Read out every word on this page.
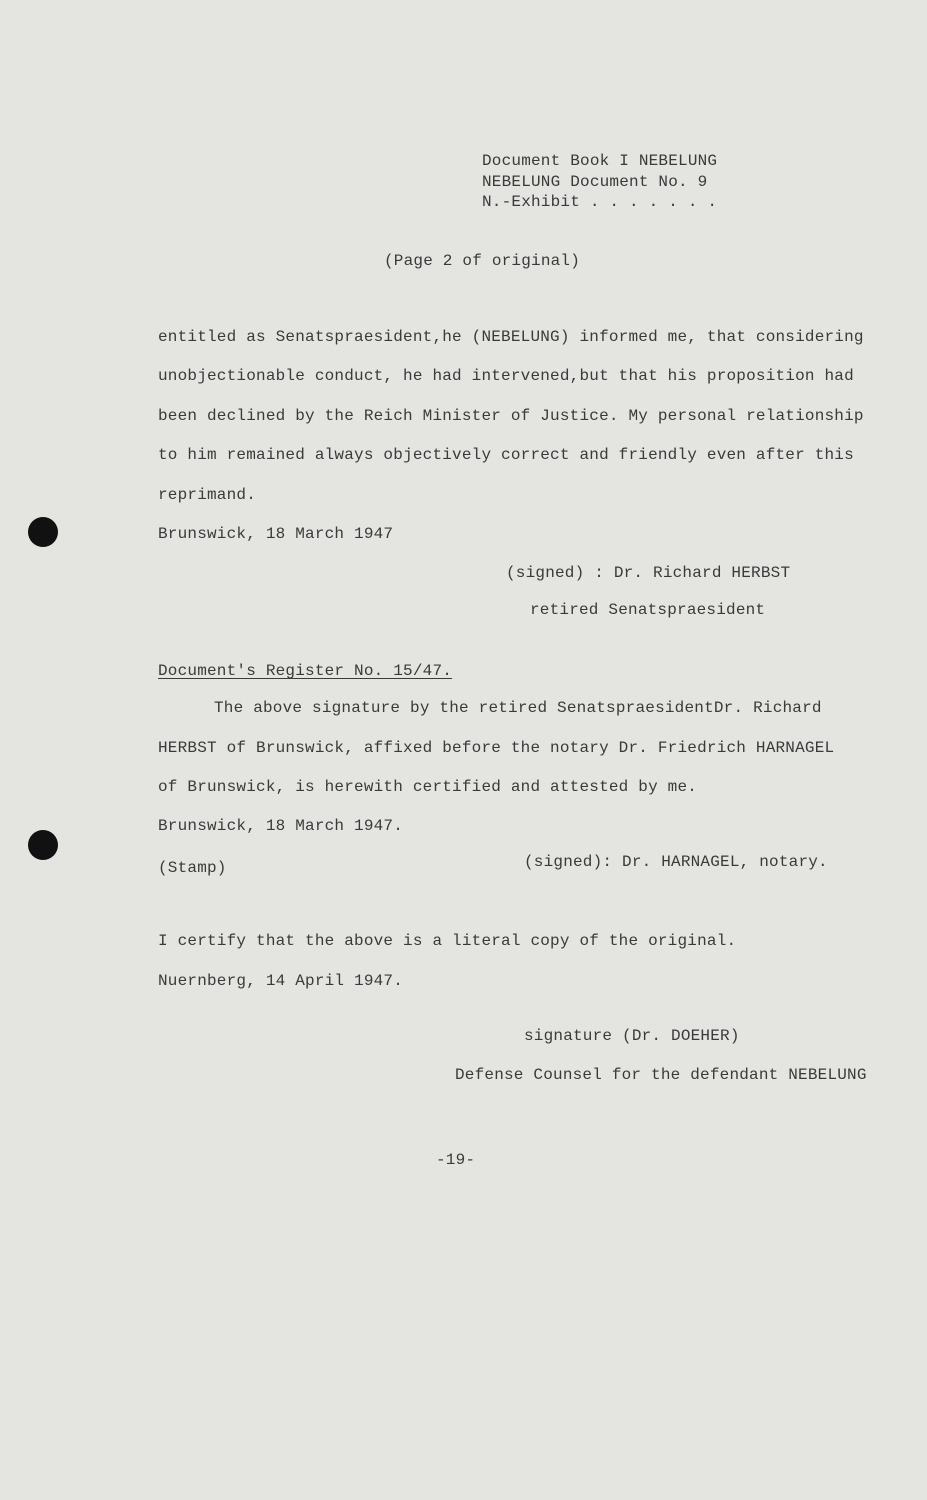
Document Book I NEBELUNG
NEBELUNG Document No. 9
N.-Exhibit . . . . . . .
(Page 2 of original)
entitled as Senatspraesident,he (NEBELUNG) informed me, that considering
unobjectionable conduct, he had intervened,but that his proposition had
been declined by the Reich Minister of Justice. My personal relationship
to him remained always objectively correct and friendly even after this
reprimand.
Brunswick, 18 March 1947
(signed) : Dr. Richard HERBST
retired Senatspraesident
Document's Register No. 15/47.
The above signature by the retired SenatspraesidentDr. Richard
HERBST of Brunswick, affixed before the notary Dr. Friedrich HARNAGEL
of Brunswick, is herewith certified and attested by me.
Brunswick, 18 March 1947.
(Stamp)	(signed): Dr. HARNAGEL, notary.
I certify that the above is a literal copy of the original.
Nuernberg, 14 April 1947.
signature (Dr. DOEHER)
Defense Counsel for the defendant NEBELUNG
-19-
